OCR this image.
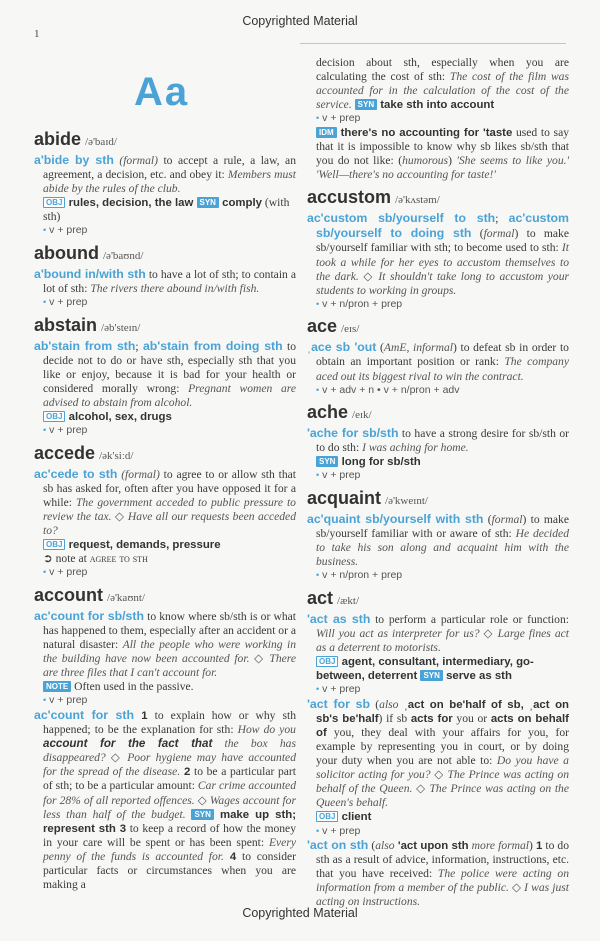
Copyrighted Material
1
Aa
abide /ə'baɪd/
a'bide by sth (formal) to accept a rule, a law, an agreement, a decision, etc. and obey it: Members must abide by the rules of the club.
OBJ rules, decision, the law SYN comply (with sth)
• v + prep
abound /ə'baʊnd/
a'bound in/with sth to have a lot of sth; to contain a lot of sth: The rivers there abound in/with fish.
• v + prep
abstain /əb'steɪn/
ab'stain from sth; ab'stain from doing sth to decide not to do or have sth, especially sth that you like or enjoy, because it is bad for your health or considered morally wrong: Pregnant women are advised to abstain from alcohol.
OBJ alcohol, sex, drugs
• v + prep
accede /ək'siːd/
ac'cede to sth (formal) to agree to or allow sth that sb has asked for, often after you have opposed it for a while: The government acceded to public pressure to review the tax. ◇ Have all our requests been acceded to?
OBJ request, demands, pressure
➲ note at agree to sth
• v + prep
account /ə'kaʊnt/
ac'count for sb/sth to know where sb/sth is or what has happened to them, especially after an accident or a natural disaster: All the people who were working in the building have now been accounted for. ◇ There are three files that I can't account for.
NOTE Often used in the passive.
• v + prep
ac'count for sth 1 to explain how or why sth happened; to be the explanation for sth: How do you account for the fact that the box has disappeared? ◇ Poor hygiene may have accounted for the spread of the disease. 2 to be a particular part of sth; to be a particular amount: Car crime accounted for 28% of all reported offences. ◇ Wages account for less than half of the budget. SYN make up sth; represent sth 3 to keep a record of how the money in your care will be spent or has been spent: Every penny of the funds is accounted for. 4 to consider particular facts or circumstances when you are making a
decision about sth, especially when you are calculating the cost of sth: The cost of the film was accounted for in the calculation of the cost of the service. SYN take sth into account
• v + prep
IDM there's no accounting for 'taste used to say that it is impossible to know why sb likes sb/sth that you do not like: (humorous) 'She seems to like you.' 'Well—there's no accounting for taste!'
accustom /ə'kʌstəm/
ac'custom sb/yourself to sth; ac'custom sb/yourself to doing sth (formal) to make sb/yourself familiar with sth; to become used to sth: It took a while for her eyes to accustom themselves to the dark. ◇ It shouldn't take long to accustom your students to working in groups.
• v + n/pron + prep
ace /eɪs/
ˌace sb 'out (AmE, informal) to defeat sb in order to obtain an important position or rank: The company aced out its biggest rival to win the contract.
• v + adv + n • v + n/pron + adv
ache /eɪk/
'ache for sb/sth to have a strong desire for sb/sth or to do sth: I was aching for home.
SYN long for sb/sth
• v + prep
acquaint /ə'kweɪnt/
ac'quaint sb/yourself with sth (formal) to make sb/yourself familiar with or aware of sth: He decided to take his son along and acquaint him with the business.
• v + n/pron + prep
act /ækt/
'act as sth to perform a particular role or function: Will you act as interpreter for us? ◇ Large fines act as a deterrent to motorists.
OBJ agent, consultant, intermediary, go-between, deterrent SYN serve as sth
• v + prep
'act for sb (also ˌact on be'half of sb, ˌact on sb's be'half) if sb acts for you or acts on behalf of you, they deal with your affairs for you, for example by representing you in court, or by doing your duty when you are not able to: Do you have a solicitor acting for you? ◇ The Prince was acting on behalf of the Queen. ◇ The Prince was acting on the Queen's behalf.
OBJ client
• v + prep
'act on sth (also 'act upon sth more formal) 1 to do sth as a result of advice, information, instructions, etc. that you have received: The police were acting on information from a member of the public. ◇ I was just acting on instructions.
Copyrighted Material
